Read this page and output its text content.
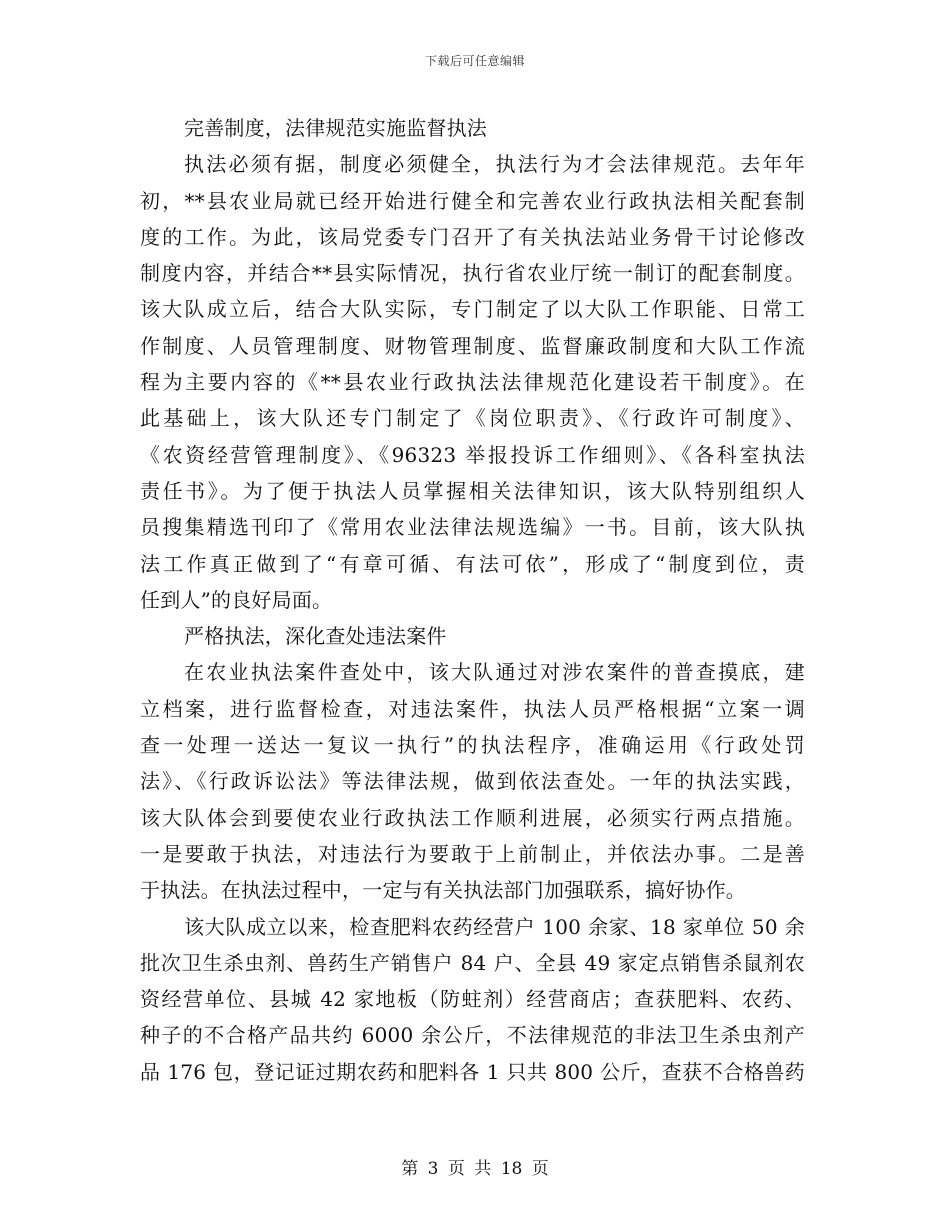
下载后可任意编辑
完善制度，法律规范实施监督执法
执法必须有据，制度必须健全，执法行为才会法律规范。去年年
初，**县农业局就已经开始进行健全和完善农业行政执法相关配套制
度的工作。为此，该局党委专门召开了有关执法站业务骨干讨论修改
制度内容，并结合**县实际情况，执行省农业厅统一制订的配套制度。
该大队成立后，结合大队实际，专门制定了以大队工作职能、日常工
作制度、人员管理制度、财物管理制度、监督廉政制度和大队工作流
程为主要内容的《**县农业行政执法法律规范化建设若干制度》。在
此基础上，该大队还专门制定了《岗位职责》、《行政许可制度》、
《农资经营管理制度》、《96323 举报投诉工作细则》、《各科室执法
责任书》。为了便于执法人员掌握相关法律知识，该大队特别组织人
员搜集精选刊印了《常用农业法律法规选编》一书。目前，该大队执
法工作真正做到了“有章可循、有法可依”，形成了“制度到位，责
任到人”的良好局面。
严格执法，深化查处违法案件
在农业执法案件查处中，该大队通过对涉农案件的普查摸底，建
立档案，进行监督检查，对违法案件，执法人员严格根据“立案一调
查一处理一送达一复议一执行”的执法程序，准确运用《行政处罚
法》、《行政诉讼法》等法律法规，做到依法查处。一年的执法实践，
该大队体会到要使农业行政执法工作顺利进展，必须实行两点措施。
一是要敢于执法，对违法行为要敢于上前制止，并依法办事。二是善
于执法。在执法过程中，一定与有关执法部门加强联系，搞好协作。
该大队成立以来，检查肥料农药经营户 100 余家、18 家单位 50 余
批次卫生杀虫剂、兽药生产销售户 84 户、全县 49 家定点销售杀鼠剂农
资经营单位、县城 42 家地板（防蛀剂）经营商店；查获肥料、农药、
种子的不合格产品共约 6000 余公斤，不法律规范的非法卫生杀虫剂产
品 176 包，登记证过期农药和肥料各 1 只共 800 公斤，查获不合格兽药
第 3 页 共 18 页
